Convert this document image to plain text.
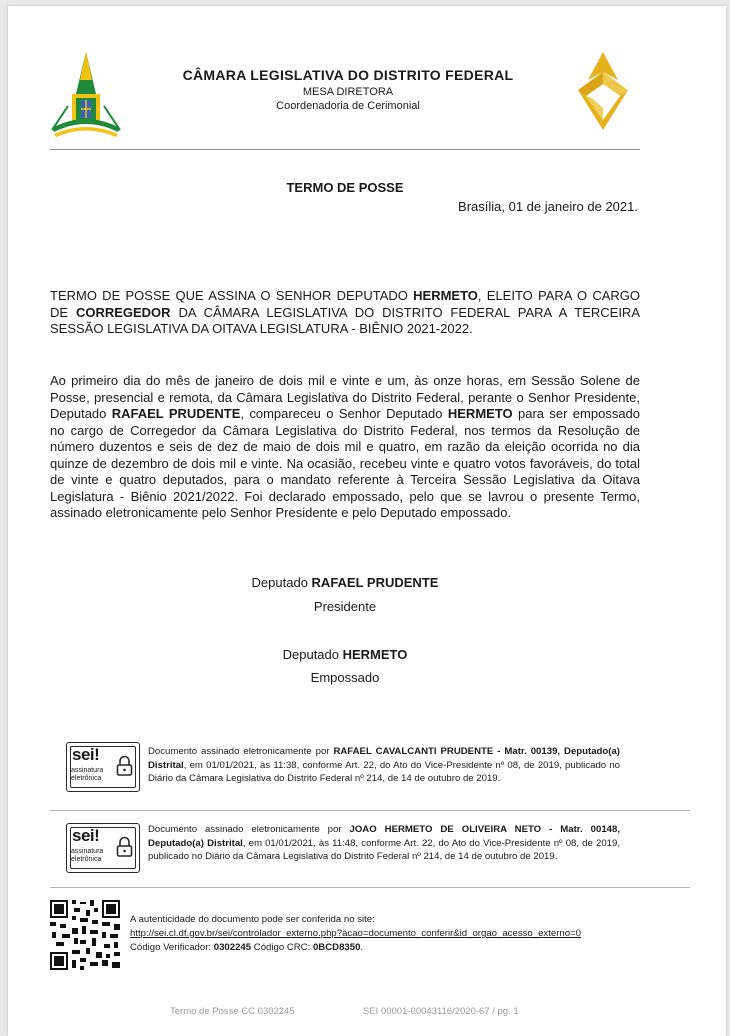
CÂMARA LEGISLATIVA DO DISTRITO FEDERAL
MESA DIRETORA
Coordenadoria de Cerimonial
TERMO DE POSSE
Brasília, 01 de janeiro de 2021.
TERMO DE POSSE QUE ASSINA O SENHOR DEPUTADO HERMETO, ELEITO PARA O CARGO DE CORREGEDOR DA CÂMARA LEGISLATIVA DO DISTRITO FEDERAL PARA A TERCEIRA SESSÃO LEGISLATIVA DA OITAVA LEGISLATURA - BIÊNIO 2021-2022.
Ao primeiro dia do mês de janeiro de dois mil e vinte e um, às onze horas, em Sessão Solene de Posse, presencial e remota, da Câmara Legislativa do Distrito Federal, perante o Senhor Presidente, Deputado RAFAEL PRUDENTE, compareceu o Senhor Deputado HERMETO para ser empossado no cargo de Corregedor da Câmara Legislativa do Distrito Federal, nos termos da Resolução de número duzentos e seis de dez de maio de dois mil e quatro, em razão da eleição ocorrida no dia quinze de dezembro de dois mil e vinte. Na ocasião, recebeu vinte e quatro votos favoráveis, do total de vinte e quatro deputados, para o mandato referente à Terceira Sessão Legislativa da Oitava Legislatura - Biênio 2021/2022. Foi declarado empossado, pelo que se lavrou o presente Termo, assinado eletronicamente pelo Senhor Presidente e pelo Deputado empossado.
Deputado RAFAEL PRUDENTE
Presidente
Deputado HERMETO
Empossado
sei!
assinatura
eletrônica
Documento assinado eletronicamente por RAFAEL CAVALCANTI PRUDENTE - Matr. 00139, Deputado(a) Distrital, em 01/01/2021, às 11:38, conforme Art. 22, do Ato do Vice-Presidente nº 08, de 2019, publicado no Diário da Câmara Legislativa do Distrito Federal nº 214, de 14 de outubro de 2019.
sei!
assinatura
eletrônica
Documento assinado eletronicamente por JOAO HERMETO DE OLIVEIRA NETO - Matr. 00148, Deputado(a) Distrital, em 01/01/2021, às 11:48, conforme Art. 22, do Ato do Vice-Presidente nº 08, de 2019, publicado no Diário da Câmara Legislativa do Distrito Federal nº 214, de 14 de outubro de 2019.
A autenticidade do documento pode ser conferida no site:
http://sei.cl.df.gov.br/sei/controlador_externo.php?acao=documento_conferir&id_orgao_acesso_externo=0
Código Verificador: 0302245 Código CRC: 0BCD8350.
Termo de Posse CC 0302245	SEI 00001-00043116/2020-67 / pg. 1
